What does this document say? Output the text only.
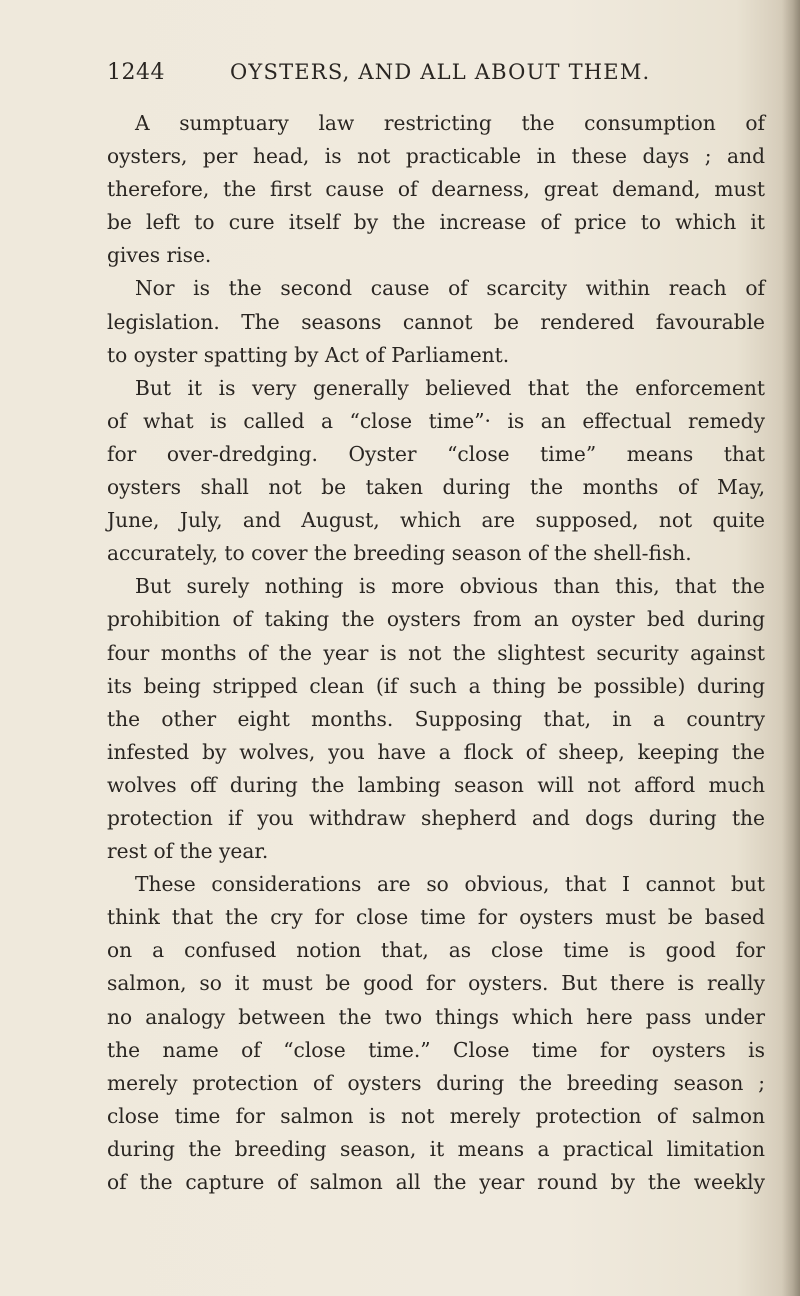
1244	OYSTERS, AND ALL ABOUT THEM.
A sumptuary law restricting the consumption of
oysters, per head, is not practicable in these days ; and
therefore, the first cause of dearness, great demand, must
be left to cure itself by the increase of price to which it
gives rise.
Nor is the second cause of scarcity within reach of
legislation. The seasons cannot be rendered favourable
to oyster spatting by Act of Parliament.
But it is very generally believed that the enforcement
of what is called a “close time”· is an effectual remedy
for over-dredging. Oyster “close time” means that
oysters shall not be taken during the months of May,
June, July, and August, which are supposed, not quite
accurately, to cover the breeding season of the shell-fish.
But surely nothing is more obvious than this, that the
prohibition of taking the oysters from an oyster bed during
four months of the year is not the slightest security against
its being stripped clean (if such a thing be possible) during
the other eight months. Supposing that, in a country
infested by wolves, you have a flock of sheep, keeping the
wolves off during the lambing season will not afford much
protection if you withdraw shepherd and dogs during the
rest of the year.
These considerations are so obvious, that I cannot but
think that the cry for close time for oysters must be based
on a confused notion that, as close time is good for
salmon, so it must be good for oysters. But there is really
no analogy between the two things which here pass under
the name of “close time.” Close time for oysters is
merely protection of oysters during the breeding season ;
close time for salmon is not merely protection of salmon
during the breeding season, it means a practical limitation
of the capture of salmon all the year round by the weekly
